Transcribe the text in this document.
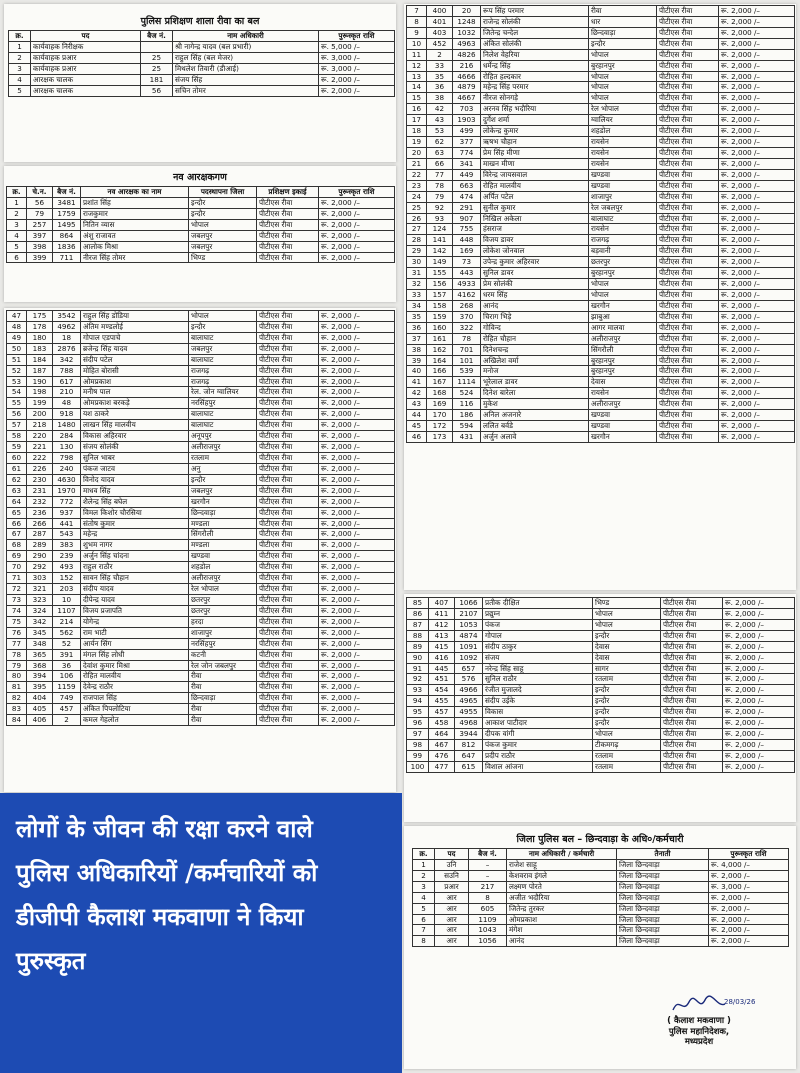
पुलिस प्रशिक्षण शाला रीवा का बल
क्र.	पद	बैज नं.	नाम अधिकारी	पुरूस्कृत राशि
1	कार्यवाहक निरीक्षक		श्री नागेन्द्र यादव (बल प्रभारी)	रू. 5,000 /–
2	कार्यवाहक प्रआर	25	राहुल सिंह (बल मेजर)	रू. 3,000 /–
3	कार्यवाहक प्रआर	25	मिथलेश तिवारी (डीआई)	रू. 3,000 /–
4	आरक्षक चालक	181	संजय सिंह	रू. 2,000 /–
5	आरक्षक चालक	56	सचिन तोमर	रू. 2,000 /–
नव आरक्षकगण
क्र.	चे.न.	बैज नं.	नव आरक्षक का नाम	पदस्थापना जिला	प्रशिक्षण इकाई	पुरूस्कृत राशि
1	56	3481	प्रशांत सिंह	इन्दौर	पीटीएस रीवा	रू. 2,000 /–
2	79	1759	राजकुमार	इन्दौर	पीटीएस रीवा	रू. 2,000 /–
3	257	1495	नितिन व्यास	भोपाल	पीटीएस रीवा	रू. 2,000 /–
4	397	864	अंशु राजावत	जबलपुर	पीटीएस रीवा	रू. 2,000 /–
5	398	1836	आलोक मिश्रा	जबलपुर	पीटीएस रीवा	रू. 2,000 /–
6	399	711	नीरज सिंह तोमर	भिण्ड	पीटीएस रीवा	रू. 2,000 /–
47	175	3542	राहुल सिंह डोडिया	भोपाल	पीटीएस रीवा	रू. 2,000 /–
48	178	4962	अंतिम मण्डलोई	इन्दौर	पीटीएस रीवा	रू. 2,000 /–
49	180	18	गोपाल एडपाचे	बालाघाट	पीटीएस रीवा	रू. 2,000 /–
50	183	2876	ब्रजेन्द्र सिंह यादव	जबलपुर	पीटीएस रीवा	रू. 2,000 /–
51	184	342	संदीप पटेल	बालाघाट	पीटीएस रीवा	रू. 2,000 /–
52	187	788	मोहित बोरासी	राजगढ़	पीटीएस रीवा	रू. 2,000 /–
53	190	617	ओमप्रकाश	राजगढ़	पीटीएस रीवा	रू. 2,000 /–
54	198	210	मनीष पाल	रेल. जोन ग्वालियर	पीटीएस रीवा	रू. 2,000 /–
55	199	48	ओमप्रकाश बरकड़े	नरसिंहपुर	पीटीएस रीवा	रू. 2,000 /–
56	200	918	यश ठाकरे	बालाघाट	पीटीएस रीवा	रू. 2,000 /–
57	218	1480	लाखन सिंह मालवीय	बालाघाट	पीटीएस रीवा	रू. 2,000 /–
58	220	284	विकास अहिरवार	अनूपपुर	पीटीएस रीवा	रू. 2,000 /–
59	221	130	संजय सोलंकी	अलीराजपुर	पीटीएस रीवा	रू. 2,000 /–
60	222	798	सुनिल भाबर	रतलाम	पीटीएस रीवा	रू. 2,000 /–
61	226	240	पंकज जाटव	अनु	पीटीएस रीवा	रू. 2,000 /–
62	230	4630	विनोद यादव	इन्दौर	पीटीएस रीवा	रू. 2,000 /–
63	231	1970	माधव सिंह	जबलपुर	पीटीएस रीवा	रू. 2,000 /–
64	232	772	शैलेन्द्र सिंह बघेल	खरगौन	पीटीएस रीवा	रू. 2,000 /–
65	236	937	विमल किशोर चौरसिया	छिन्दवाड़ा	पीटीएस रीवा	रू. 2,000 /–
66	266	441	संतोष कुमार	मण्डला	पीटीएस रीवा	रू. 2,000 /–
67	287	543	महेन्द्र	सिंगरौली	पीटीएस रीवा	रू. 2,000 /–
68	289	383	शुभम नागर	मण्डला	पीटीएस रीवा	रू. 2,000 /–
69	290	239	अर्जुन सिंह चांदना	खण्डवा	पीटीएस रीवा	रू. 2,000 /–
70	292	493	राहुल राठौर	शहडोल	पीटीएस रीवा	रू. 2,000 /–
71	303	152	सावन सिंह चौहान	अलीराजपुर	पीटीएस रीवा	रू. 2,000 /–
72	321	203	संदीप यादव	रेल भोपाल	पीटीएस रीवा	रू. 2,000 /–
73	323	10	दीपेन्द्र यादव	छतरपुर	पीटीएस रीवा	रू. 2,000 /–
74	324	1107	विजय प्रजापति	छतरपुर	पीटीएस रीवा	रू. 2,000 /–
75	342	214	योगेन्द्र	हरदा	पीटीएस रीवा	रू. 2,000 /–
76	345	562	राम भाटी	शाजापुर	पीटीएस रीवा	रू. 2,000 /–
77	348	52	आर्यन सिंग	नरसिंहपुर	पीटीएस रीवा	रू. 2,000 /–
78	365	391	मंगल सिंह लोधी	कटनी	पीटीएस रीवा	रू. 2,000 /–
79	368	36	देवांश कुमार मिश्रा	रेल जोन जबलपुर	पीटीएस रीवा	रू. 2,000 /–
80	394	106	रोहित मालवीय	रीवा	पीटीएस रीवा	रू. 2,000 /–
81	395	1159	देवेन्द्र राठौर	रीवा	पीटीएस रीवा	रू. 2,000 /–
82	404	749	राजपाल सिंह	छिन्दवाड़ा	पीटीएस रीवा	रू. 2,000 /–
83	405	457	अंकित पिपलोटिया	रीवा	पीटीएस रीवा	रू. 2,000 /–
84	406	2	कमल गेहलोत	रीवा	पीटीएस रीवा	रू. 2,000 /–
7	400	20	रूप सिंह परमार	रीवा	पीटीएस रीवा	रू. 2,000 /–
8	401	1248	राजेन्द्र सोलंकी	धार	पीटीएस रीवा	रू. 2,000 /–
9	403	1032	जितेन्द्र चन्देल	छिन्दवाड़ा	पीटीएस रीवा	रू. 2,000 /–
10	452	4963	अंकित सोलंकी	इन्दौर	पीटीएस रीवा	रू. 2,000 /–
11	2	4826	निलेश वेहरिया	भोपाल	पीटीएस रीवा	रू. 2,000 /–
12	33	216	धर्मेन्द्र सिंह	बुरहानपुर	पीटीएस रीवा	रू. 2,000 /–
13	35	4666	रोहित हल्दकार	भोपाल	पीटीएस रीवा	रू. 2,000 /–
14	36	4879	महेन्द्र सिंह परमार	भोपाल	पीटीएस रीवा	रू. 2,000 /–
15	38	4667	नीरज सोनगड़े	भोपाल	पीटीएस रीवा	रू. 2,000 /–
16	42	703	अरनव सिंह भदौरिया	रेल भोपाल	पीटीएस रीवा	रू. 2,000 /–
17	43	1903	दुर्गेश शर्मा	ग्वालियर	पीटीएस रीवा	रू. 2,000 /–
18	53	499	लोकेन्द्र कुमार	शहडोल	पीटीएस रीवा	रू. 2,000 /–
19	62	377	ऋषभ चौहान	रायसेन	पीटीएस रीवा	रू. 2,000 /–
20	63	774	प्रेम सिंह मीणा	रायसेन	पीटीएस रीवा	रू. 2,000 /–
21	66	341	माखन मीणा	रायसेन	पीटीएस रीवा	रू. 2,000 /–
22	77	449	विरेन्द्र जायसवाल	खण्डवा	पीटीएस रीवा	रू. 2,000 /–
23	78	663	रोहित मालवीय	खण्डवा	पीटीएस रीवा	रू. 2,000 /–
24	79	474	अर्पित पटेल	शाजापुर	पीटीएस रीवा	रू. 2,000 /–
25	92	291	सुनील कुमार	रेल जबलपुर	पीटीएस रीवा	रू. 2,000 /–
26	93	907	निखिल अकेला	बालाघाट	पीटीएस रीवा	रू. 2,000 /–
27	124	755	हंसराज	रायसेन	पीटीएस रीवा	रू. 2,000 /–
28	141	448	विजय डावर	राजगढ़	पीटीएस रीवा	रू. 2,000 /–
29	142	169	लोकेश जोनवाल	बड़वानी	पीटीएस रीवा	रू. 2,000 /–
30	149	73	उपेन्द्र कुमार अहिरवार	छतरपुर	पीटीएस रीवा	रू. 2,000 /–
31	155	443	सुनिल डावर	बुरहानपुर	पीटीएस रीवा	रू. 2,000 /–
32	156	4933	प्रेम सोलंकी	भोपाल	पीटीएस रीवा	रू. 2,000 /–
33	157	4162	धरम सिंह	भोपाल	पीटीएस रीवा	रू. 2,000 /–
34	158	268	आनंद	खरगौन	पीटीएस रीवा	रू. 2,000 /–
35	159	370	चिराग भिड़े	झाबुआ	पीटीएस रीवा	रू. 2,000 /–
36	160	322	गोविन्द	आगर मालवा	पीटीएस रीवा	रू. 2,000 /–
37	161	78	रोहित चौहान	अलीराजपुर	पीटीएस रीवा	रू. 2,000 /–
38	162	701	दिनेशचन्द्र	सिंगरौली	पीटीएस रीवा	रू. 2,000 /–
39	164	101	अखिलेश वर्मा	बुरहानपुर	पीटीएस रीवा	रू. 2,000 /–
40	166	539	मनोज	बुरहानपुर	पीटीएस रीवा	रू. 2,000 /–
41	167	1114	भूरेलाल डावर	देवास	पीटीएस रीवा	रू. 2,000 /–
42	168	524	दिनेश बारेला	रायसेन	पीटीएस रीवा	रू. 2,000 /–
43	169	116	मुकेश	अलीराजपुर	पीटीएस रीवा	रू. 2,000 /–
44	170	186	अनिल अजनारे	खण्डवा	पीटीएस रीवा	रू. 2,000 /–
45	172	594	ललित बर्वडे	खण्डवा	पीटीएस रीवा	रू. 2,000 /–
46	173	431	अर्जुन अलावे	खरगौन	पीटीएस रीवा	रू. 2,000 /–
85	407	1066	प्रतीक दीक्षित	भिण्ड	पीटीएस रीवा	रू. 2,000 /–
86	411	2107	प्रद्युम्न	भोपाल	पीटीएस रीवा	रू. 2,000 /–
87	412	1053	पंकज	भोपाल	पीटीएस रीवा	रू. 2,000 /–
88	413	4874	गोपाल	इन्दौर	पीटीएस रीवा	रू. 2,000 /–
89	415	1091	संदीप ठाकुर	देवास	पीटीएस रीवा	रू. 2,000 /–
90	416	1092	संजय	देवास	पीटीएस रीवा	रू. 2,000 /–
91	445	657	नरेन्द्र सिंह साहू	सागर	पीटीएस रीवा	रू. 2,000 /–
92	451	576	सुनिल राठौर	रतलाम	पीटीएस रीवा	रू. 2,000 /–
93	454	4966	रंजीत मुजालदे	इन्दौर	पीटीएस रीवा	रू. 2,000 /–
94	455	4965	संदीप उईके	इन्दौर	पीटीएस रीवा	रू. 2,000 /–
95	457	4955	विकास	इन्दौर	पीटीएस रीवा	रू. 2,000 /–
96	458	4968	आकाश पाटीदार	इन्दौर	पीटीएस रीवा	रू. 2,000 /–
97	464	3944	दीपक वांगी	भोपाल	पीटीएस रीवा	रू. 2,000 /–
98	467	812	पंकज कुमार	टीकमगढ़	पीटीएस रीवा	रू. 2,000 /–
99	476	647	प्रदीप राठौर	रतलाम	पीटीएस रीवा	रू. 2,000 /–
100	477	615	विशाल आंजना	रतलाम	पीटीएस रीवा	रू. 2,000 /–
जिला पुलिस बल – छिन्दवाड़ा के अधि०/कर्मचारी
क्र.	पद	बैज नं.	नाम अधिकारी / कर्मचारी	तैनाती	पुरूस्कृत राशि
1	उनि	–	राजेश साहू	जिला छिन्दवाड़ा	रू. 4,000 /–
2	सउनि	–	केशवराव इंगले	जिला छिन्दवाड़ा	रू. 2,000 /–
3	प्रआर	217	लक्ष्मण पोरते	जिला छिन्दवाड़ा	रू. 3,000 /–
4	आर	8	अजीत भदौरिया	जिला छिन्दवाड़ा	रू. 2,000 /–
5	आर	605	जितेन्द्र तुरकर	जिला छिन्दवाड़ा	रू. 2,000 /–
6	आर	1109	ओमप्रकाश	जिला छिन्दवाड़ा	रू. 2,000 /–
7	आर	1043	मंगेश	जिला छिन्दवाड़ा	रू. 2,000 /–
8	आर	1056	आनंद	जिला छिन्दवाड़ा	रू. 2,000 /–
28/03/26
( कैलाश मकवाणा )
पुलिस महानिदेशक,
मध्यप्रदेश
लोगों के जीवन की रक्षा करने वाले
पुलिस अधिकारियों /कर्मचारियों को
डीजीपी कैलाश मकवाणा ने किया
पुरुस्कृत
